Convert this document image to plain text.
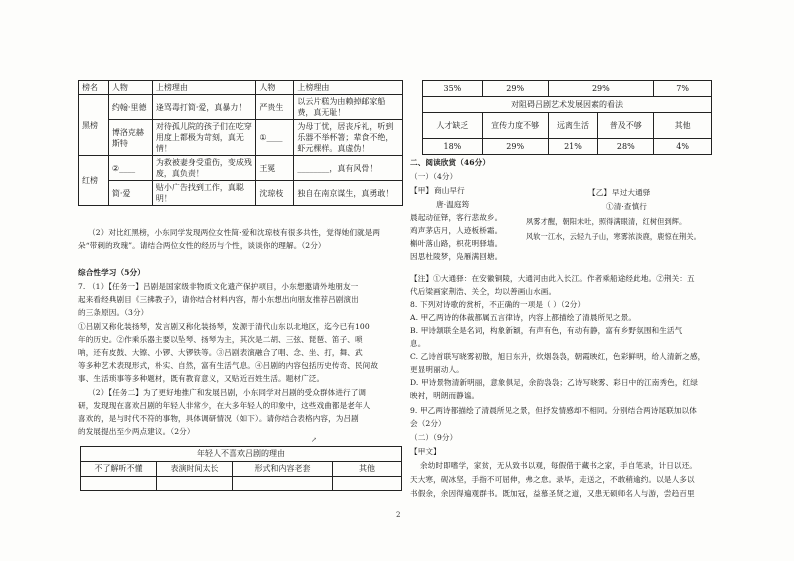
榜名	人物	上榜理由	人物	上榜理由
黑榜	约翰·里德	逢骂毒打简·爱，真暴力！	严贵生	以云片糕为由赖掉邮家船费，真无耻！
	博洛克赫斯特	对待孤儿院的孩子们在吃穿用度上都极为苛刻，真无情！	①____	为母丁忧，居丧斥礼，听到乐器不举杯箸；辈食不绝，虾元棵样。真虚伪！
红榜	②____	为救被妻身受重伤，变成残废，真负责！	王冕	________，真有风骨！
	简·爱	贴小广告找到工作，真聪明！	沈琼枝	独自在南京谋生，真勇敢！
（2）对比红黑榜，小东同学发现两位女性简·爱和沈琼枝有很多共性，觉得她们就是两
朵“带刺的玫瑰”。请结合两位女性的经历与个性，谈谈你的理解。（2分）
综合性学习（5分）
7. （1）【任务一】吕剧是国家级非物质文化遗产保护项目，小东想邀请外地朋友一
起来看经典剧目《三拂教子》，请你结合材料内容，帮小东想出向朋友推荐吕剧演出
的三条原因。（3分）
①吕剧又称化装扬琴，发言剧又称化装扬琴，发源于清代山东以北地区，迄今已有100
年的历史。②作乘乐器主要以坠琴、扬琴为主，其次是二胡、三弦、琵琶、笛子、唢
呐，还有皮鼓、大镲、小锣、大锣铁等。③吕剧表演融合了唱、念、坐、打，舞、武
等多种艺术表现形式，朴实、自然，富有生活气息。④吕剧的内容包括历史传奇、民间故
事、生活琐事等多种题材，既有教育意义，又贴近百姓生活。题材广泛。
（2）【任务二】为了更好地推广和发展吕剧，小东同学对吕剧的受众群体进行了调
研，发现现在喜欢吕剧的年轻人非常少，在大多年轻人的印象中，这些戏曲都是老年人
喜欢的，是与时代不符的事物，具体调研情况（如下）。请你结合表格内容，为吕剧
的发展提出至少两点建议。（2分）
年轻人不喜欢吕剧的理由			
不了解听不懂	表演时间太长	形式和内容老套	其他

↗
35%	29%	29%		7%
对阻碍吕剧艺术发展因素的看法				
人才缺乏	宣传力度不够	远离生活	普及不够	其他
18%	29%	21%	28%	4%
二、阅读欣赏（46分）
（一）（4分）
【甲】 商山早行
唐·温庭筠
晨起动征铎，客行悲故乡。
鸡声茅店月，人迹板桥霜。
槲叶落山路，枳花明驿墙。
因思杜陵梦，凫雁满回塘。
【乙】 早过大通驿
①清·查慎行
夙雾才醒，朝阳未吐，照得满眼清，红树但到辉。
风软一江水，云轻九子山，寒雾浓淡鹿，鹿惊在荆关。
【注】①大通驿：在安徽铜陵，大通河由此入长江。作者乘船途经此地。②荆关：五
代后梁画家荆浩、关仝，均以善画山水画。
8. 下列对诗歌的赏析，不正确的一项是（ ）（2分）
A. 甲乙两诗的体裁都属五言律诗，内容上都描绘了清晨所见之景。
B. 甲诗颔联全是名词，构象新颖，有声有色，有动有静，富有乡野氛围和生活气
息。
C. 乙诗首联写晓雾初散，旭日东升，炊烟袅袅，朝霞映红，色彩鲜明，给人清新之感，
更显明丽动人。
D. 甲诗景物清新明丽，意象俱足，余韵袅袅；乙诗写晓雾、彩日中的江南秀色，红绿
映衬，明朗而静谧。
9. 甲乙两诗都描绘了清晨所见之景，但抒发情感却不相同。分别结合两诗尾联加以体
会（2分）
（二）（9分）
【甲文】
余幼时即嗜学，家贫，无从致书以观，每假借于藏书之家，手自笔录，计日以还。
天大寒，砚冰坚，手指不可屈伸，弗之怠。录毕，走送之，不敢稍逾约。以是人多以
书假余，余因得遍观群书。既加冠，益慕圣贤之道，又患无硕师名人与游，尝趋百里
2
